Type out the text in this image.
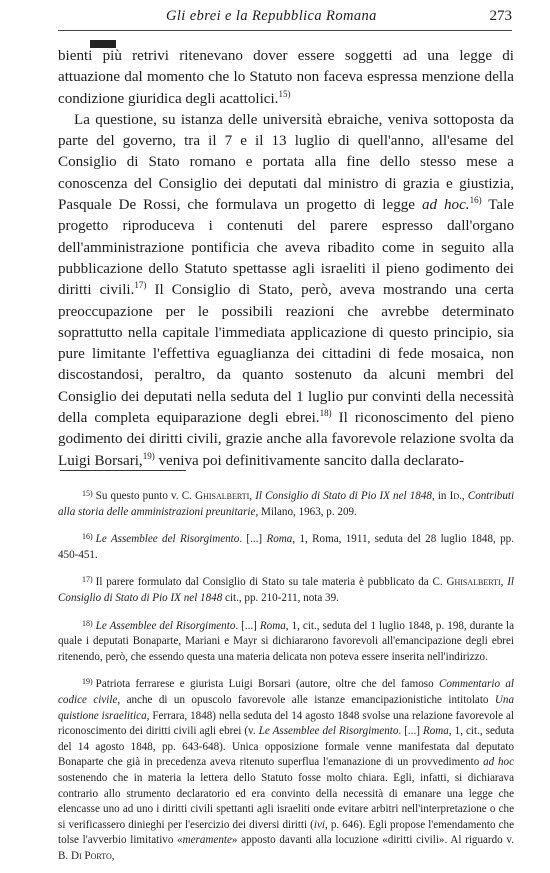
Gli ebrei e la Repubblica Romana	273

bienti più retrivi ritenevano dover essere soggetti ad una legge di attuazione dal momento che lo Statuto non faceva espressa menzione della condizione giuridica degli acattolici.$^{15)}$

La questione, su istanza delle università ebraiche, veniva sottoposta da parte del governo, tra il 7 e il 13 luglio di quell'anno, all'esame del Consiglio di Stato romano e portata alla fine dello stesso mese a conoscenza del Consiglio dei deputati dal ministro di grazia e giustizia, Pasquale De Rossi, che formulava un progetto di legge ad hoc.$^{16)}$ Tale progetto riproduceva i contenuti del parere espresso dall'organo dell'amministrazione pontificia che aveva ribadito come in seguito alla pubblicazione dello Statuto spettasse agli israeliti il pieno godimento dei diritti civili.$^{17)}$ Il Consiglio di Stato, però, aveva mostrando una certa preoccupazione per le possibili reazioni che avrebbe determinato soprattutto nella capitale l'immediata applicazione di questo principio, sia pure limitante l'effettiva eguaglianza dei cittadini di fede mosaica, non discostandosi, peraltro, da quanto sostenuto da alcuni membri del Consiglio dei deputati nella seduta del 1 luglio pur convinti della necessità della completa equiparazione degli ebrei.$^{18)}$ Il riconoscimento del pieno godimento dei diritti civili, grazie anche alla favorevole relazione svolta da Luigi Borsari,$^{19)}$ veniva poi definitivamente sancito dalla declarato-

$^{15)}$ Su questo punto v. C. Ghisalberti, Il Consiglio di Stato di Pio IX nel 1848, in Id., Contributi alla storia delle amministrazioni preunitarie, Milano, 1963, p. 209.

$^{16)}$ Le Assemblee del Risorgimento. [...] Roma, 1, Roma, 1911, seduta del 28 luglio 1848, pp. 450-451.

$^{17)}$ Il parere formulato dal Consiglio di Stato su tale materia è pubblicato da C. Ghisalberti, Il Consiglio di Stato di Pio IX nel 1848 cit., pp. 210-211, nota 39.

$^{18)}$ Le Assemblee del Risorgimento. [...] Roma, 1, cit., seduta del 1 luglio 1848, p. 198, durante la quale i deputati Bonaparte, Mariani e Mayr si dichiararono favorevoli all'emancipazione degli ebrei ritenendo, però, che essendo questa una materia delicata non poteva essere inserita nell'indirizzo.

$^{19)}$ Patriota ferrarese e giurista Luigi Borsari (autore, oltre che del famoso Commentario al codice civile, anche di un opuscolo favorevole alle istanze emancipazionistiche intitolato Una quistione israelitica, Ferrara, 1848) nella seduta del 14 agosto 1848 svolse una relazione favorevole al riconoscimento dei diritti civili agli ebrei (v. Le Assemblee del Risorgimento. [...] Roma, 1, cit., seduta del 14 agosto 1848, pp. 643-648). Unica opposizione formale venne manifestata dal deputato Bonaparte che già in precedenza aveva ritenuto superflua l'emanazione di un provvedimento ad hoc sostenendo che in materia la lettera dello Statuto fosse molto chiara. Egli, infatti, si dichiarava contrario allo strumento declaratorio ed era convinto della necessità di emanare una legge che elencasse uno ad uno i diritti civili spettanti agli israeliti onde evitare arbitri nell'interpretazione o che si verificassero dinieghi per l'esercizio dei diversi diritti (ivi, p. 646). Egli propose l'emendamento che tolse l'avverbio limitativo «meramente» apposto davanti alla locuzione «diritti civili». Al riguardo v. B. Di Porto,
